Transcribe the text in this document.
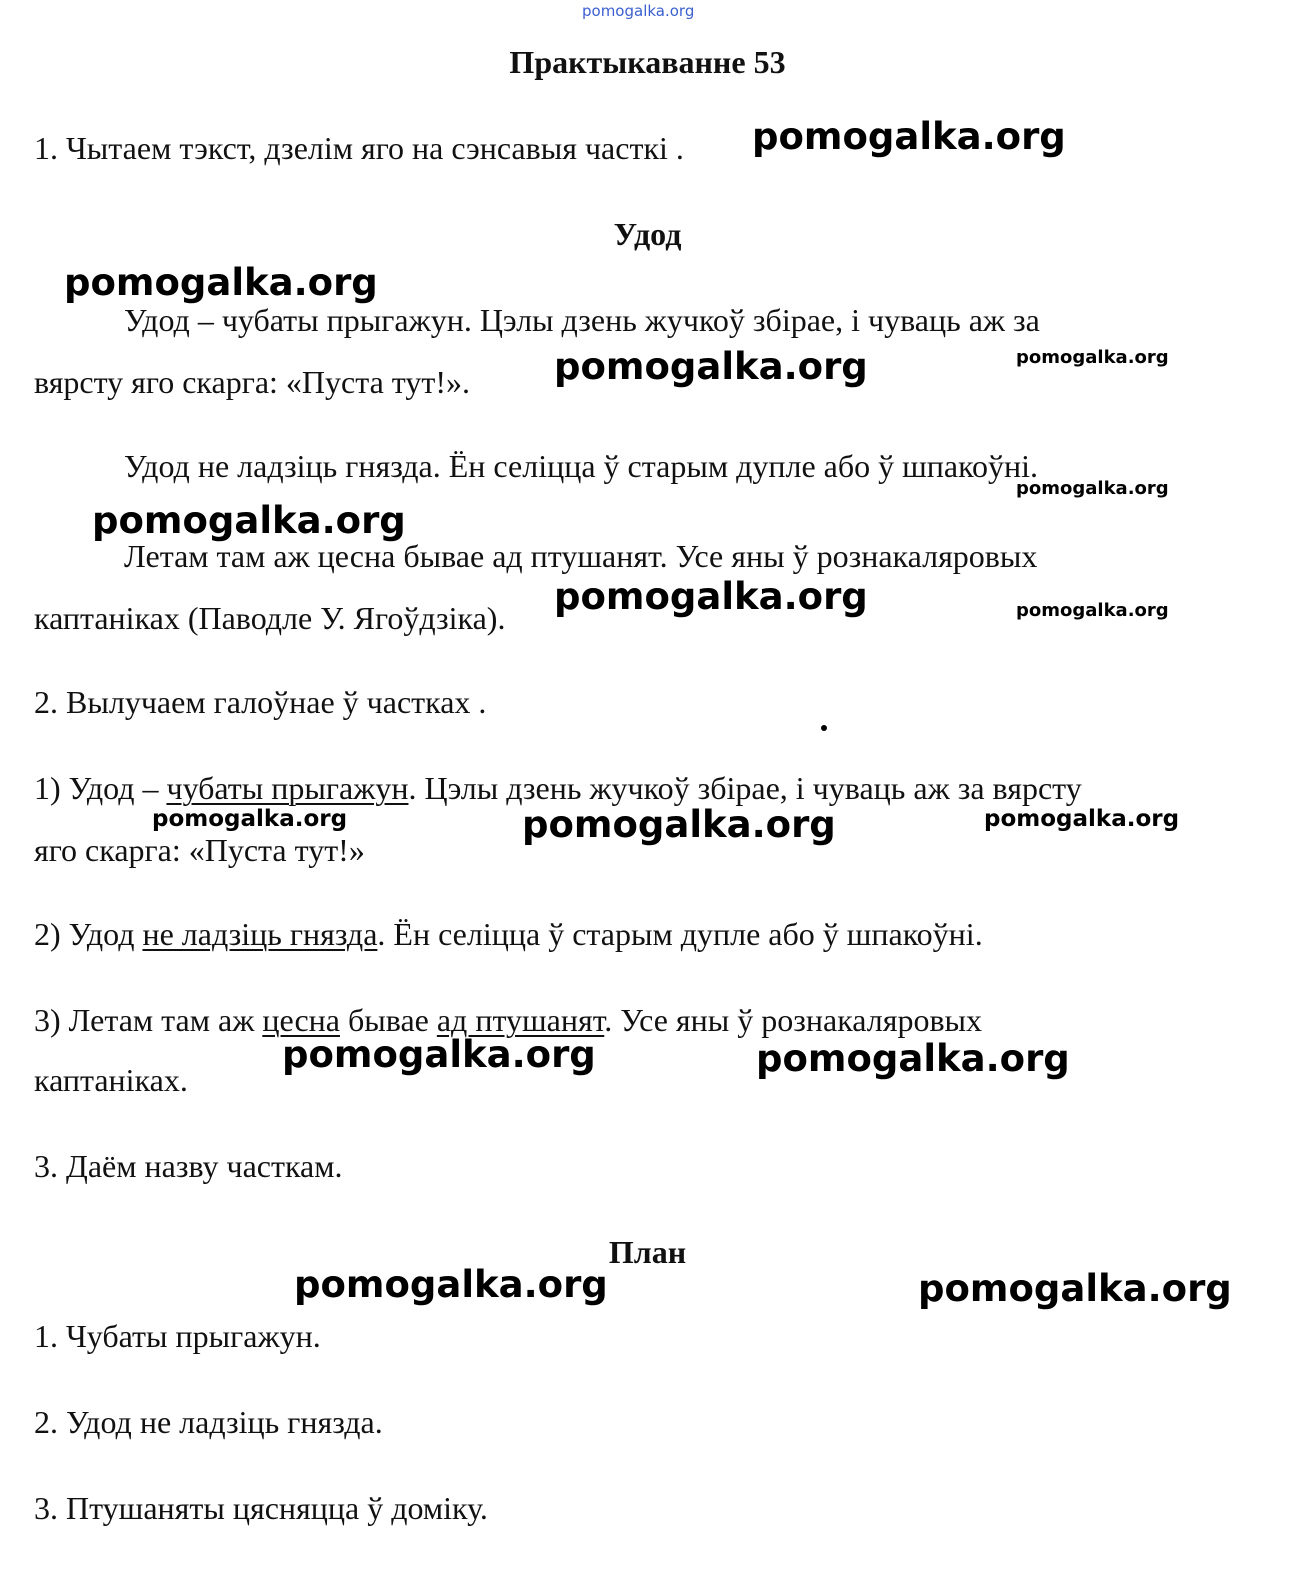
pomogalka.org
pomogalka.org
pomogalka.org
pomogalka.org	pomogalka.org
pomogalka.org
pomogalka.org
pomogalka.org	pomogalka.org
pomogalka.org	pomogalka.org	pomogalka.org
pomogalka.org	pomogalka.org
pomogalka.org	pomogalka.org
Практыкаванне 53
1. Чытаем тэкст, дзелім яго на сэнсавыя часткі .
Удод
Удод – чубаты прыгажун. Цэлы дзень жучкоў збірае, і чуваць аж за
вярсту яго скарга: «Пуста тут!».
Удод не ладзіць гнязда. Ён селіцца ў старым дупле або ў шпакоўні.
Летам там аж цесна бывае ад птушанят. Усе яны ў рознакаляровых
каптаніках (Паводле У. Ягоўдзіка).
2. Вылучаем галоўнае ў частках .
1) Удод – чубаты прыгажун. Цэлы дзень жучкоў збірае, і чуваць аж за вярсту
яго скарга: «Пуста тут!»
2) Удод не ладзіць гнязда. Ён селіцца ў старым дупле або ў шпакоўні.
3) Летам там аж цесна бывае ад птушанят. Усе яны ў рознакаляровых
каптаніках.
3. Даём назву часткам.
План
1. Чубаты прыгажун.
2. Удод не ладзіць гнязда.
3. Птушаняты цясняцца ў доміку.
